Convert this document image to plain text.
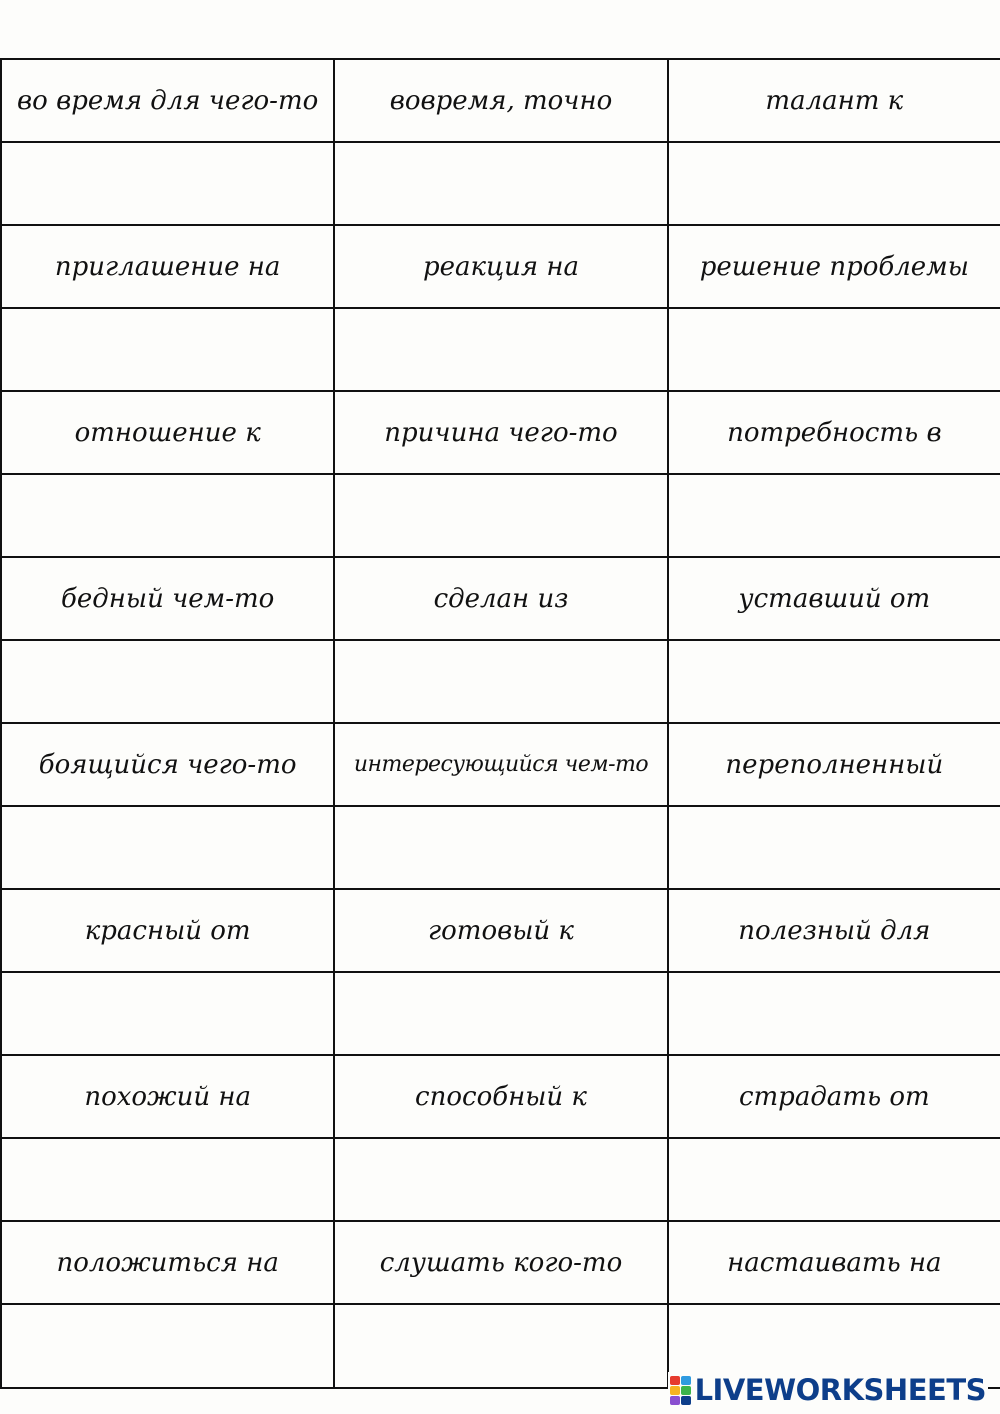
во время для чего-то	вовремя, точно	талант к

приглашение на	реакция на	решение проблемы

отношение к	причина чего-то	потребность в

бедный чем-то	сделан из	уставший от

боящийся чего-то	интересующийся чем-то	переполненный

красный от	готовый к	полезный для

похожий на	способный к	страдать от

положиться на	слушать кого-то	настаивать на

LIVEWORKSHEETS
